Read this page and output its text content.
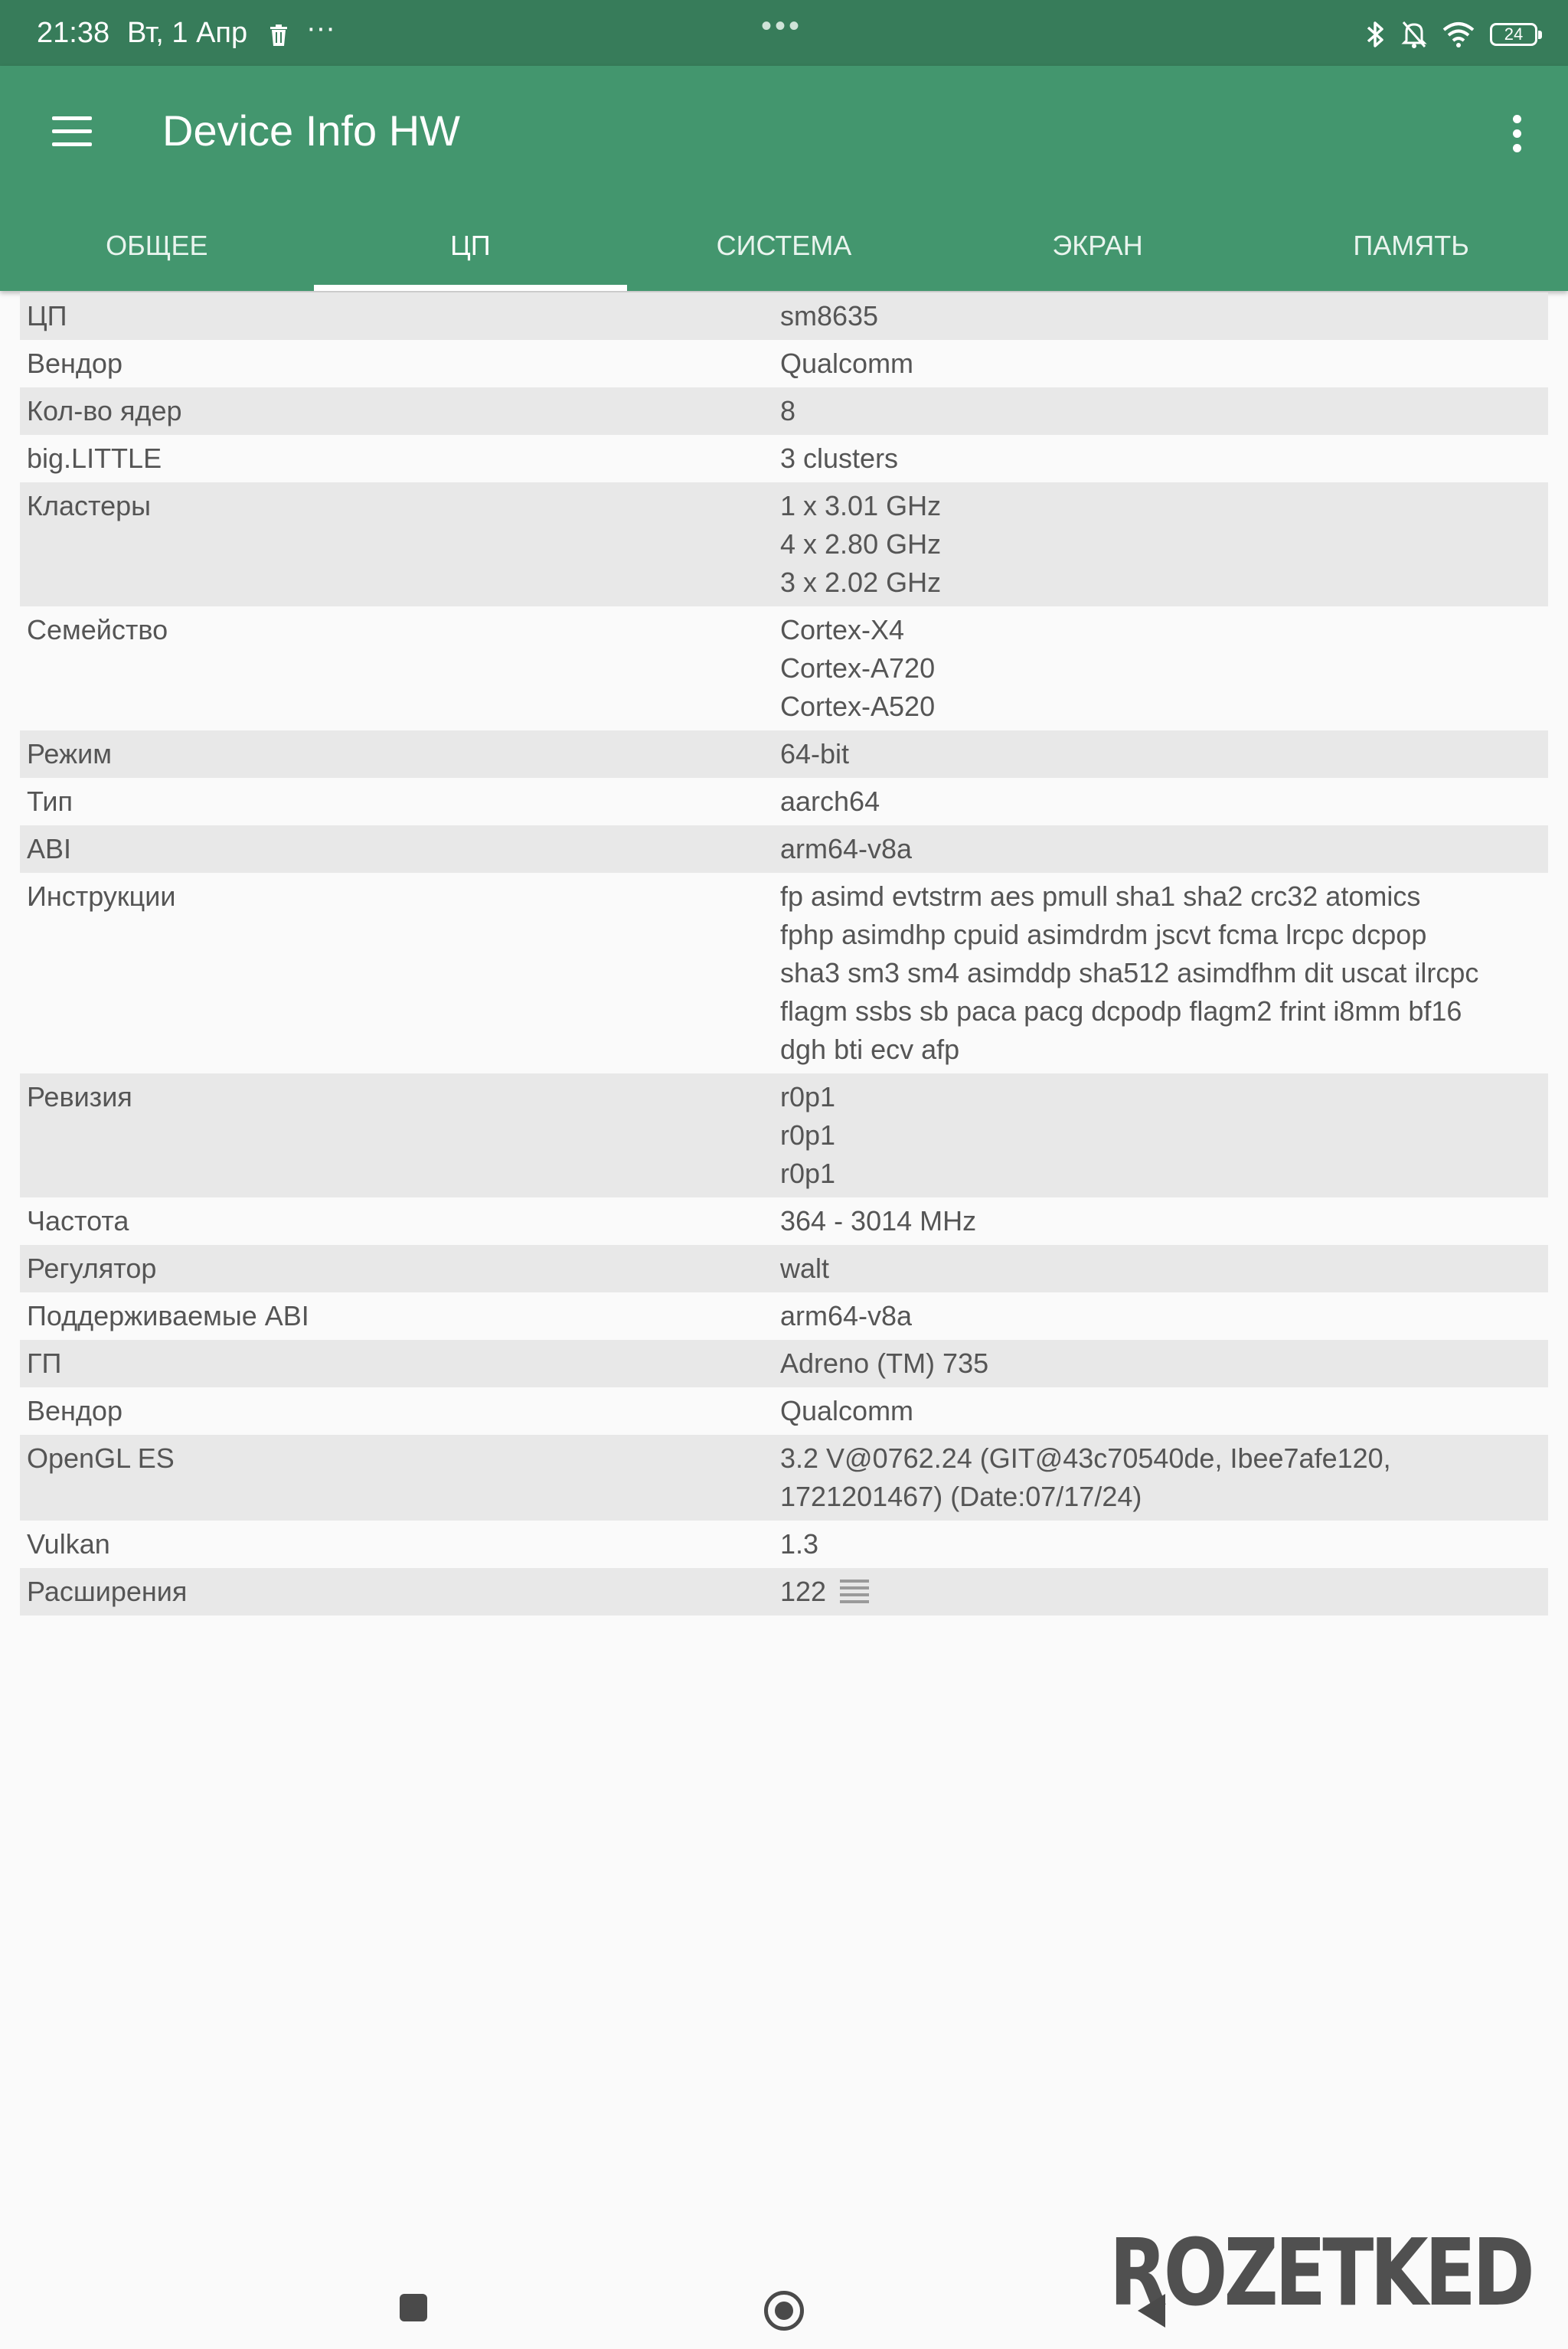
21:38 Вт, 1 Апр ···	•••	24
Device Info HW
ОБЩЕЕ	ЦП	СИСТЕМА	ЭКРАН	ПАМЯТЬ
ЦП	sm8635
Вендор	Qualcomm
Кол-во ядер	8
big.LITTLE	3 clusters
Кластеры	1 x 3.01 GHz
4 x 2.80 GHz
3 x 2.02 GHz
Семейство	Cortex-X4
Cortex-A720
Cortex-A520
Режим	64-bit
Тип	aarch64
ABI	arm64-v8a
Инструкции	fp asimd evtstrm aes pmull sha1 sha2 crc32 atomics
fphp asimdhp cpuid asimdrdm jscvt fcma lrcpc dcpop
sha3 sm3 sm4 asimddp sha512 asimdfhm dit uscat ilrcpc
flagm ssbs sb paca pacg dcpodp flagm2 frint i8mm bf16
dgh bti ecv afp
Ревизия	r0p1
r0p1
r0p1
Частота	364 - 3014 MHz
Регулятор	walt
Поддерживаемые ABI	arm64-v8a
ГП	Adreno (TM) 735
Вендор	Qualcomm
OpenGL ES	3.2 V@0762.24 (GIT@43c70540de, Ibee7afe120,
1721201467) (Date:07/17/24)
Vulkan	1.3
Расширения	122
ROZETKED
